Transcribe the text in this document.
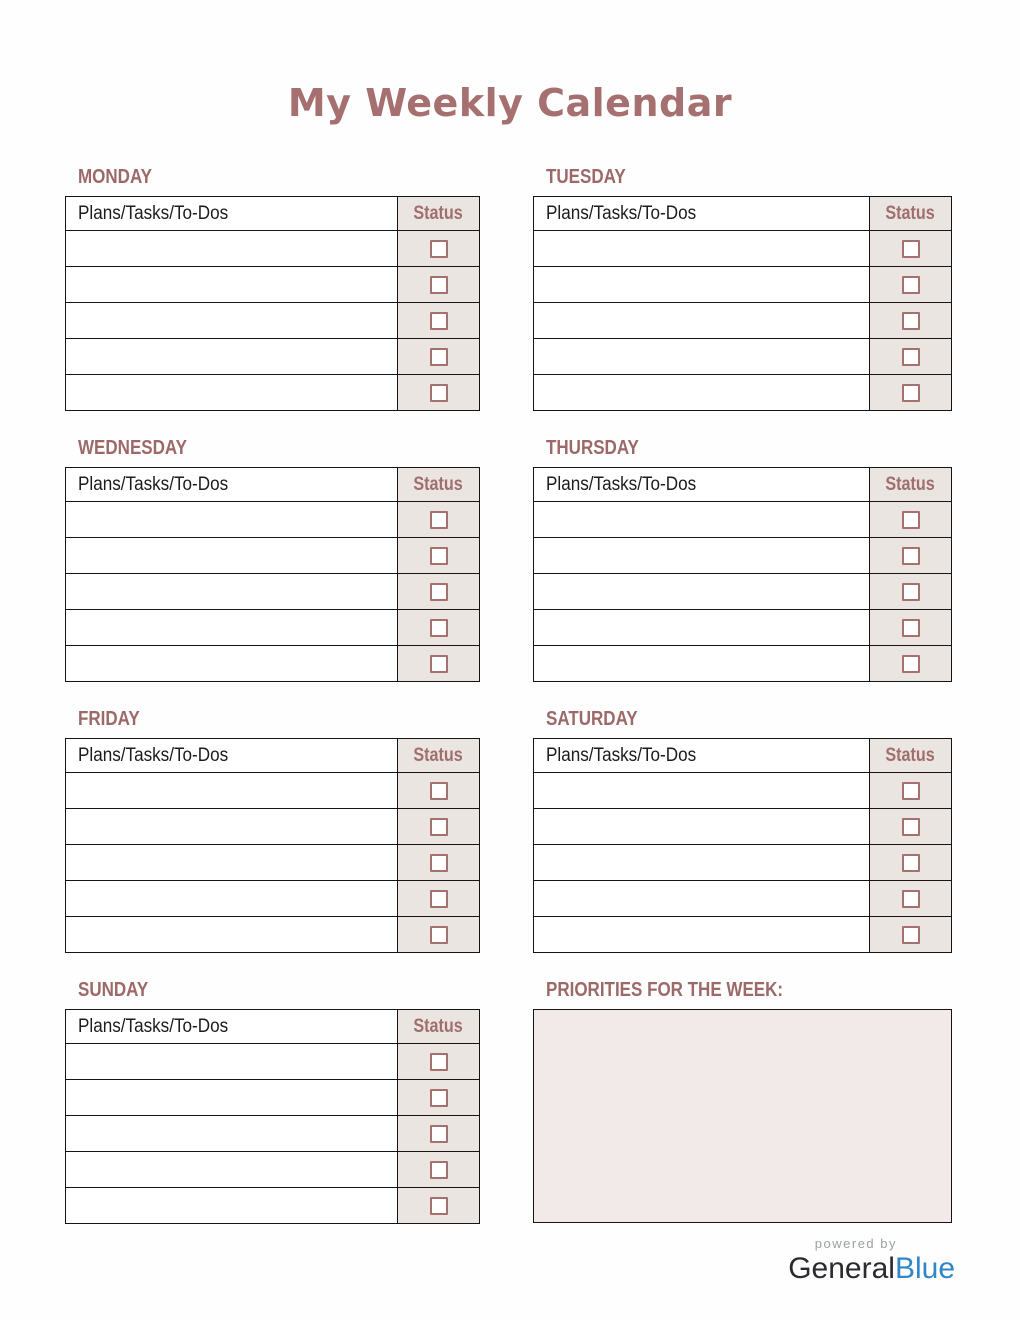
My Weekly Calendar
MONDAY
Plans/Tasks/To-Dos	Status

TUESDAY
Plans/Tasks/To-Dos	Status

WEDNESDAY
Plans/Tasks/To-Dos	Status

THURSDAY
Plans/Tasks/To-Dos	Status

FRIDAY
Plans/Tasks/To-Dos	Status

SATURDAY
Plans/Tasks/To-Dos	Status

SUNDAY
Plans/Tasks/To-Dos	Status

PRIORITIES FOR THE WEEK:
powered by
GeneralBlue
